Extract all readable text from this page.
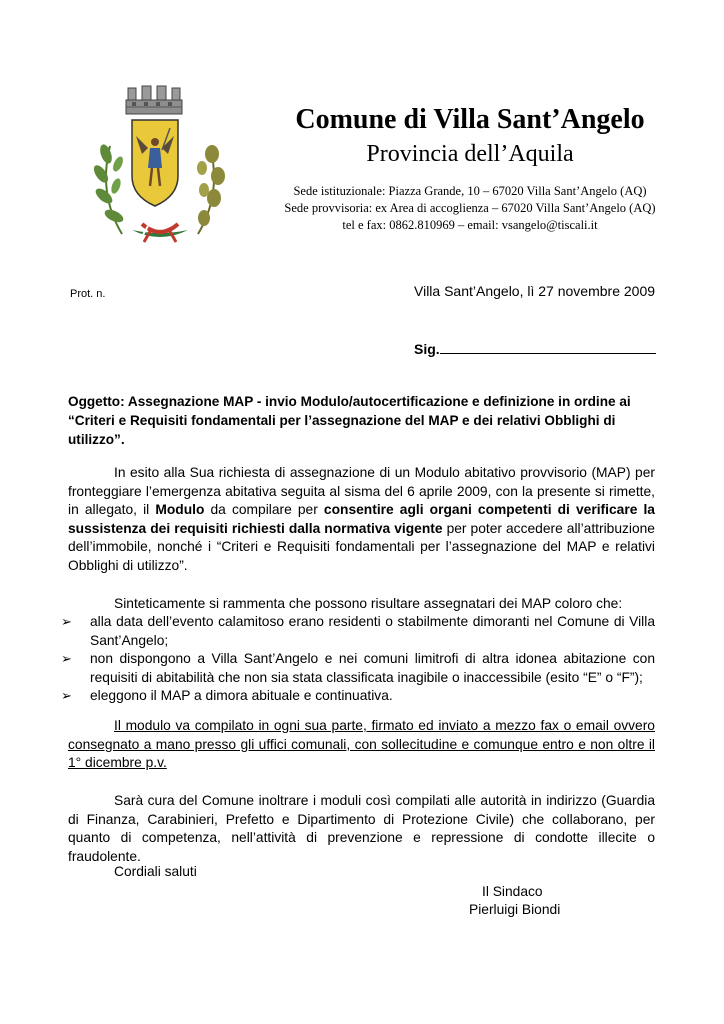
Comune di Villa Sant’Angelo
Provincia dell’Aquila
Sede istituzionale: Piazza Grande, 10 – 67020 Villa Sant’Angelo (AQ)
Sede provvisoria: ex Area di accoglienza – 67020 Villa Sant’Angelo (AQ)
tel e fax: 0862.810969 – email: vsangelo@tiscali.it
Prot. n.	Villa Sant’Angelo, lì 27 novembre 2009
Sig.
Oggetto: Assegnazione MAP - invio Modulo/autocertificazione e definizione in ordine ai “Criteri e Requisiti fondamentali per l’assegnazione del MAP e dei relativi Obblighi di utilizzo”.
In esito alla Sua richiesta di assegnazione di un Modulo abitativo provvisorio (MAP) per fronteggiare l’emergenza abitativa seguita al sisma del 6 aprile 2009, con la presente si rimette, in allegato, il Modulo da compilare per consentire agli organi competenti di verificare la sussistenza dei requisiti richiesti dalla normativa vigente per poter accedere all’attribuzione dell’immobile, nonché i “Criteri e Requisiti fondamentali per l’assegnazione del MAP e relativi Obblighi di utilizzo”.
Sinteticamente si rammenta che possono risultare assegnatari dei MAP coloro che:
➢ alla data dell’evento calamitoso erano residenti o stabilmente dimoranti nel Comune di Villa Sant’Angelo;
➢ non dispongono a Villa Sant’Angelo e nei comuni limitrofi di altra idonea abitazione con requisiti di abitabilità che non sia stata classificata inagibile o inaccessibile (esito “E” o “F”);
➢ eleggono il MAP a dimora abituale e continuativa.
Il modulo va compilato in ogni sua parte, firmato ed inviato a mezzo fax o email ovvero consegnato a mano presso gli uffici comunali, con sollecitudine e comunque entro e non oltre il 1° dicembre p.v.
Sarà cura del Comune inoltrare i moduli così compilati alle autorità in indirizzo (Guardia di Finanza, Carabinieri, Prefetto e Dipartimento di Protezione Civile) che collaborano, per quanto di competenza, nell’attività di prevenzione e repressione di condotte illecite o fraudolente.
Cordiali saluti
Il Sindaco
Pierluigi Biondi
